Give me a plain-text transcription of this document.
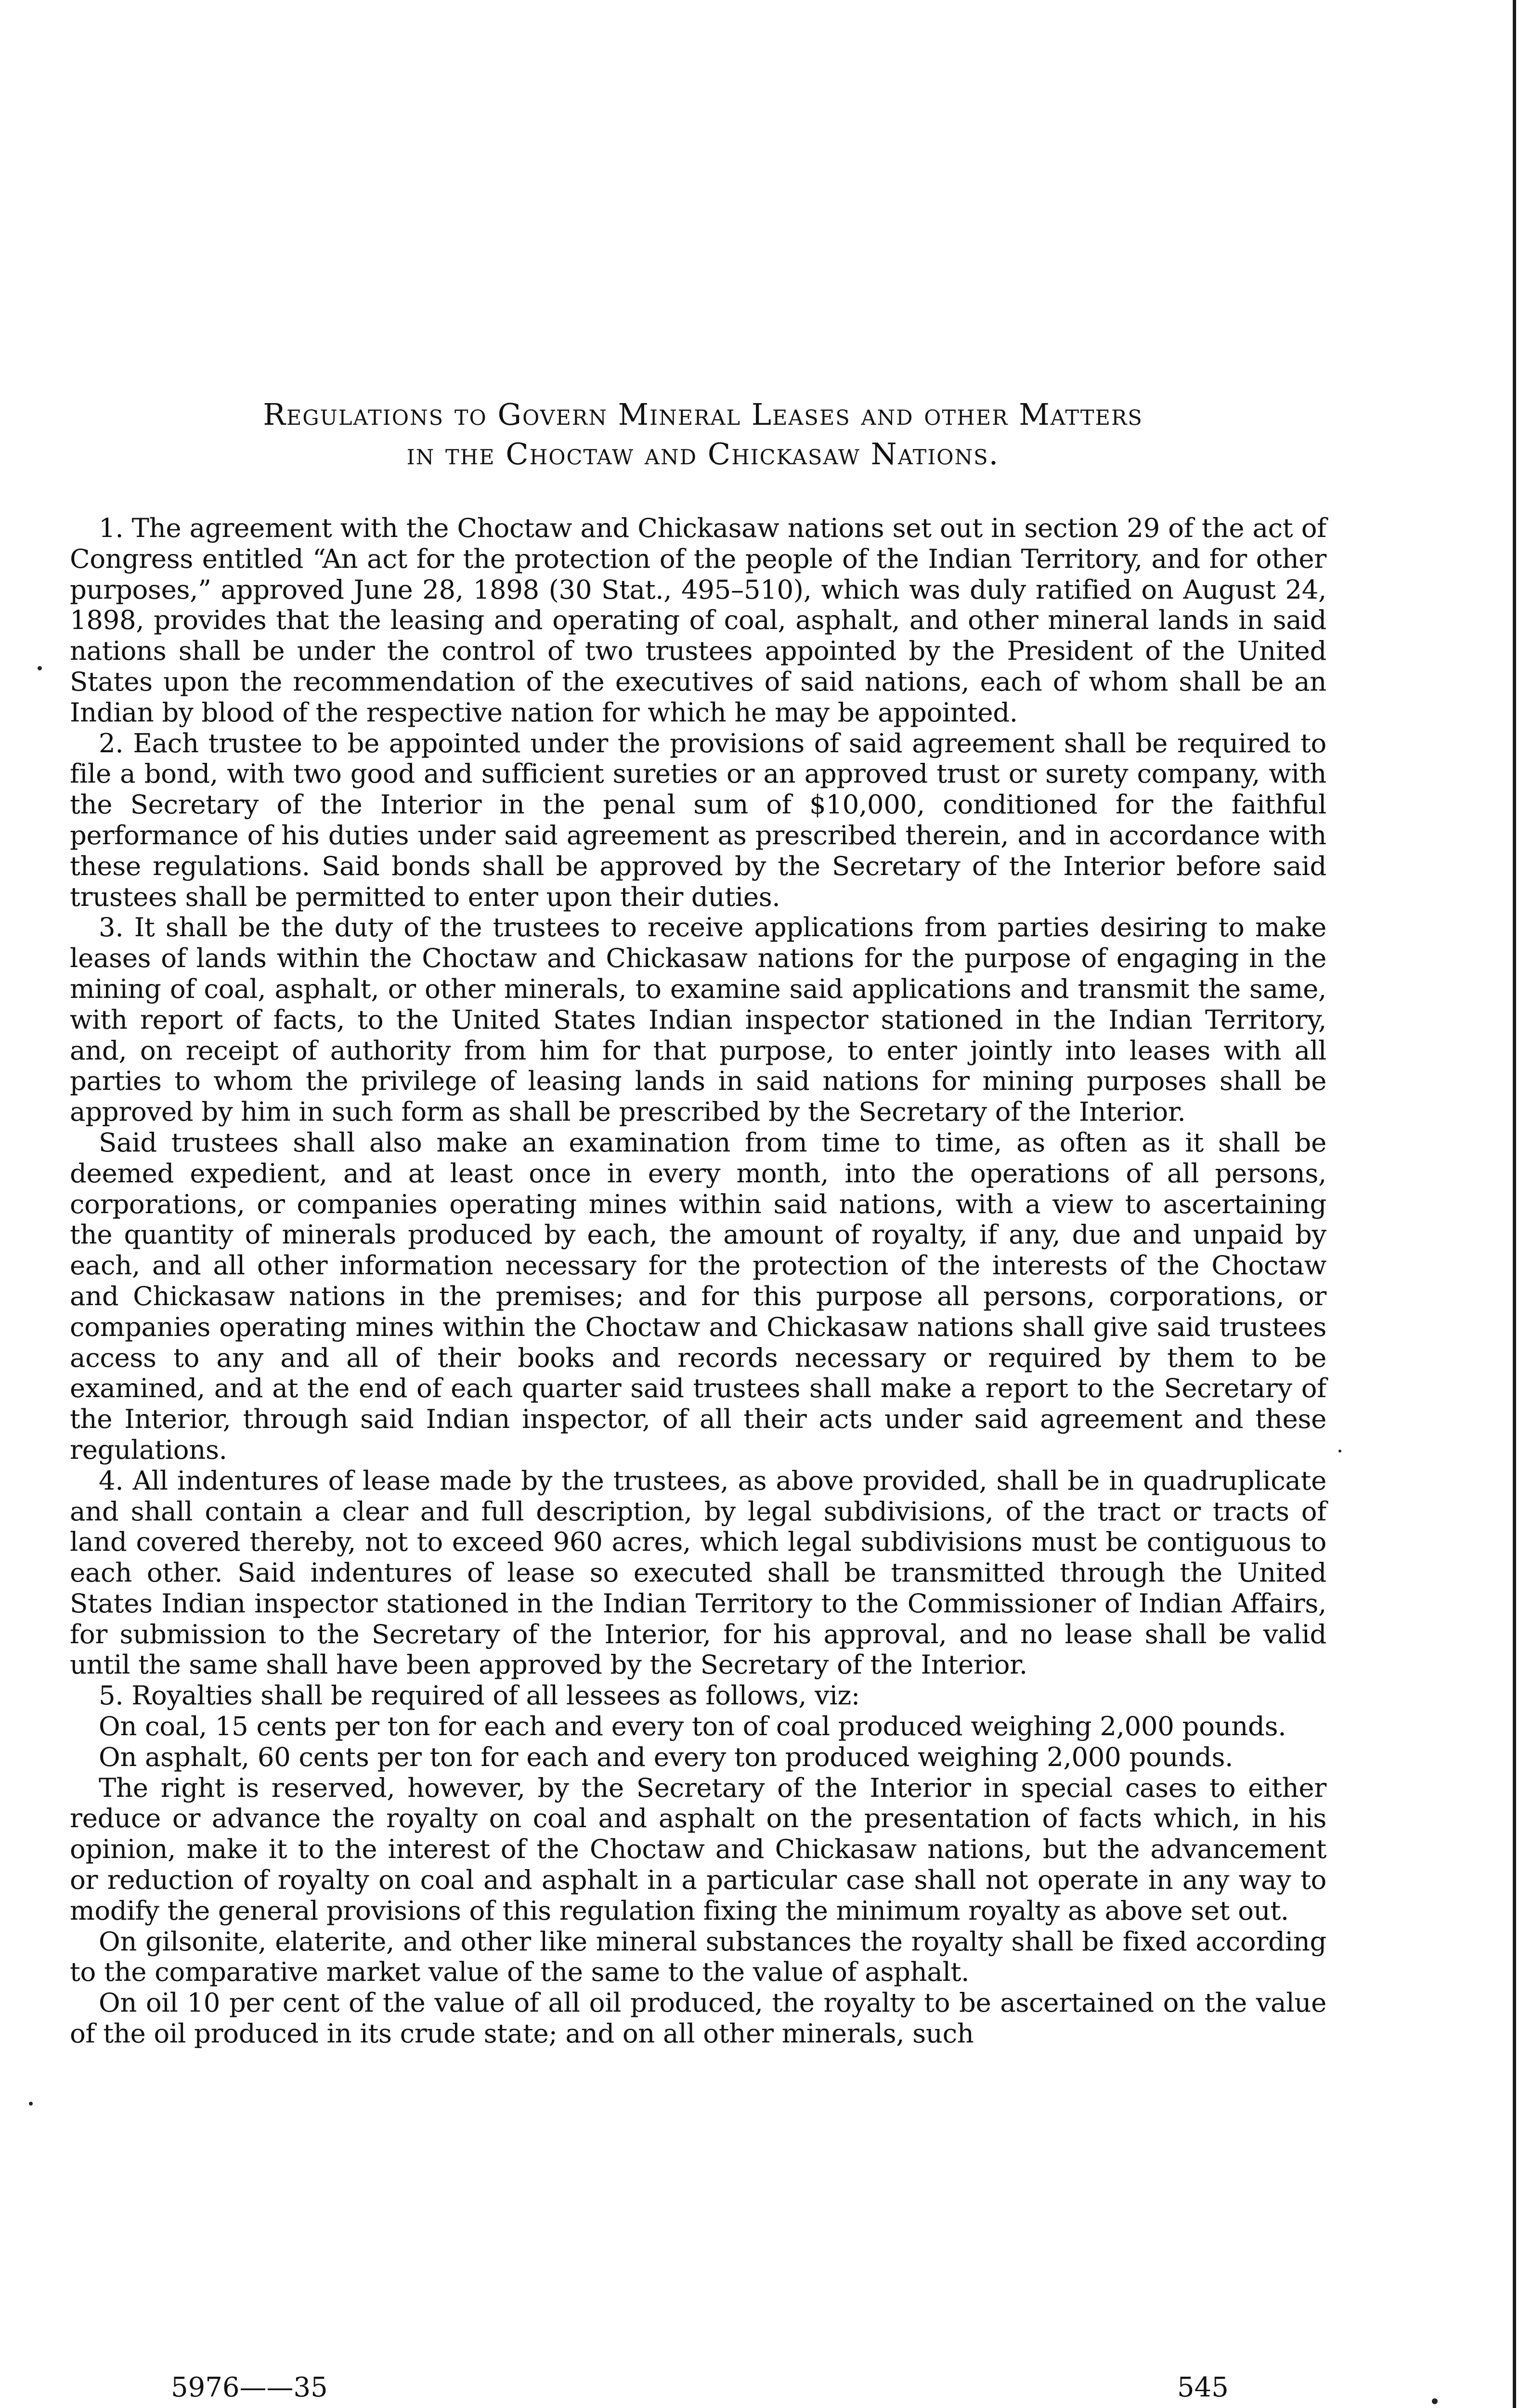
Regulations to Govern Mineral Leases and other Matters
in the Choctaw and Chickasaw Nations.

1. The agreement with the Choctaw and Chickasaw nations set out in section 29 of the act of Congress entitled “An act for the protection of the people of the Indian Territory, and for other purposes,” approved June 28, 1898 (30 Stat., 495–510), which was duly ratified on August 24, 1898, provides that the leasing and operating of coal, asphalt, and other mineral lands in said nations shall be under the control of two trustees appointed by the President of the United States upon the recommendation of the executives of said nations, each of whom shall be an Indian by blood of the respective nation for which he may be appointed.

2. Each trustee to be appointed under the provisions of said agreement shall be required to file a bond, with two good and sufficient sureties or an approved trust or surety company, with the Secretary of the Interior in the penal sum of $10,000, conditioned for the faithful performance of his duties under said agreement as prescribed therein, and in accordance with these regulations. Said bonds shall be approved by the Secretary of the Interior before said trustees shall be permitted to enter upon their duties.

3. It shall be the duty of the trustees to receive applications from parties desiring to make leases of lands within the Choctaw and Chickasaw nations for the purpose of engaging in the mining of coal, asphalt, or other minerals, to examine said applications and transmit the same, with report of facts, to the United States Indian inspector stationed in the Indian Territory, and, on receipt of authority from him for that purpose, to enter jointly into leases with all parties to whom the privilege of leasing lands in said nations for mining purposes shall be approved by him in such form as shall be prescribed by the Secretary of the Interior.

Said trustees shall also make an examination from time to time, as often as it shall be deemed expedient, and at least once in every month, into the operations of all persons, corporations, or companies operating mines within said nations, with a view to ascertaining the quantity of minerals produced by each, the amount of royalty, if any, due and unpaid by each, and all other information necessary for the protection of the interests of the Choctaw and Chickasaw nations in the premises; and for this purpose all persons, corporations, or companies operating mines within the Choctaw and Chickasaw nations shall give said trustees access to any and all of their books and records necessary or required by them to be examined, and at the end of each quarter said trustees shall make a report to the Secretary of the Interior, through said Indian inspector, of all their acts under said agreement and these regulations.

4. All indentures of lease made by the trustees, as above provided, shall be in quadruplicate and shall contain a clear and full description, by legal subdivisions, of the tract or tracts of land covered thereby, not to exceed 960 acres, which legal subdivisions must be contiguous to each other. Said indentures of lease so executed shall be transmitted through the United States Indian inspector stationed in the Indian Territory to the Commissioner of Indian Affairs, for submission to the Secretary of the Interior, for his approval, and no lease shall be valid until the same shall have been approved by the Secretary of the Interior.

5. Royalties shall be required of all lessees as follows, viz:

On coal, 15 cents per ton for each and every ton of coal produced weighing 2,000 pounds.

On asphalt, 60 cents per ton for each and every ton produced weighing 2,000 pounds.

The right is reserved, however, by the Secretary of the Interior in special cases to either reduce or advance the royalty on coal and asphalt on the presentation of facts which, in his opinion, make it to the interest of the Choctaw and Chickasaw nations, but the advancement or reduction of royalty on coal and asphalt in a particular case shall not operate in any way to modify the general provisions of this regulation fixing the minimum royalty as above set out.

On gilsonite, elaterite, and other like mineral substances the royalty shall be fixed according to the comparative market value of the same to the value of asphalt.

On oil 10 per cent of the value of all oil produced, the royalty to be ascertained on the value of the oil produced in its crude state; and on all other minerals, such

5976——35	545
